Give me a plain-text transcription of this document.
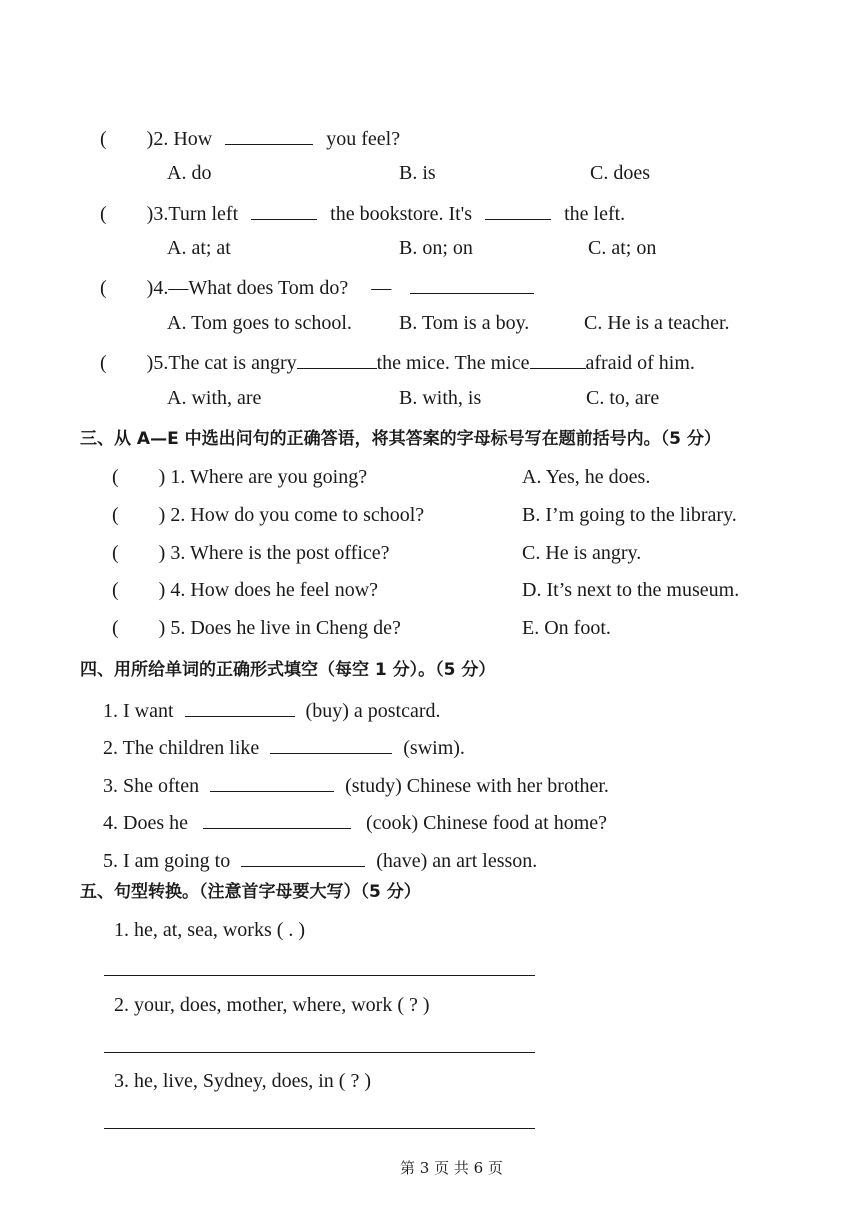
(        )2. How	you feel?
A. do	B. is	C. does
(        )3.Turn left	the bookstore. It's	the left.
A. at; at	B. on; on	C. at; on
(        )4.—What does Tom do? —
A. Tom goes to school. B. Tom is a boy.	C. He is a teacher.
(        )5.The cat is angry	the mice. The mice	afraid of him.
A. with, are	B. with, is	C. to, are
三、从 A—E 中选出问句的正确答语，将其答案的字母标号写在题前括号内。（5 分）
(        ) 1. Where are you going?	A. Yes, he does.
(        ) 2. How do you come to school?	B. I’m going to the library.
(        ) 3. Where is the post office?	C. He is angry.
(        ) 4. How does he feel now?	D. It’s next to the museum.
(        ) 5. Does he live in Cheng de?	E. On foot.
四、用所给单词的正确形式填空（每空 1 分）。（5 分）
1. I want	(buy) a postcard.
2. The children like	(swim).
3. She often	(study) Chinese with her brother.
4. Does he	(cook) Chinese food at home?
5. I am going to	(have) an art lesson.
五、句型转换。（注意首字母要大写）（5 分）
1. he, at, sea, works ( . )
2. your, does, mother, where, work ( ? )
3. he, live, Sydney, does, in ( ? )
第 3 页 共 6 页
